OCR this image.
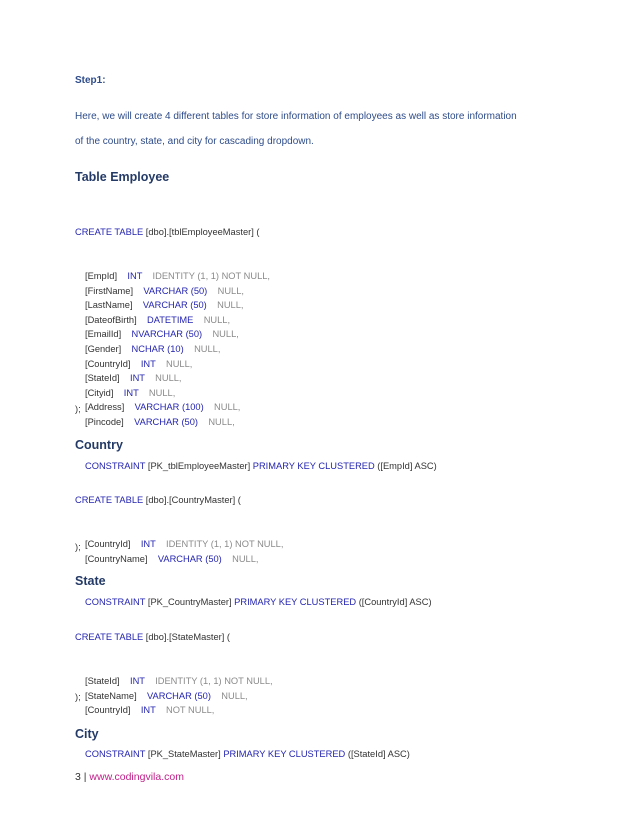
Step1:
Here, we will create 4 different tables for store information of employees as well as store information
of the country, state, and city for cascading dropdown.
Table Employee

CREATE TABLE [dbo].[tblEmployeeMaster] (

[EmpId] INT IDENTITY (1, 1) NOT NULL,
[FirstName] VARCHAR (50) NULL,
[LastName] VARCHAR (50) NULL,
[DateofBirth] DATETIME NULL,
[EmailId] NVARCHAR (50) NULL,
[Gender] NCHAR (10) NULL,
[CountryId] INT NULL,
[StateId] INT NULL,
[Cityid] INT NULL,
[Address] VARCHAR (100) NULL,
[Pincode] VARCHAR (50) NULL,

CONSTRAINT [PK_tblEmployeeMaster] PRIMARY KEY CLUSTERED ([EmpId] ASC)

);
Country

CREATE TABLE [dbo].[CountryMaster] (

[CountryId] INT IDENTITY (1, 1) NOT NULL,
[CountryName] VARCHAR (50) NULL,

CONSTRAINT [PK_CountryMaster] PRIMARY KEY CLUSTERED ([CountryId] ASC)

);
State

CREATE TABLE [dbo].[StateMaster] (

[StateId] INT IDENTITY (1, 1) NOT NULL,
[StateName] VARCHAR (50) NULL,
[CountryId] INT NOT NULL,

CONSTRAINT [PK_StateMaster] PRIMARY KEY CLUSTERED ([StateId] ASC)

);
City
3 | www.codingvila.com
